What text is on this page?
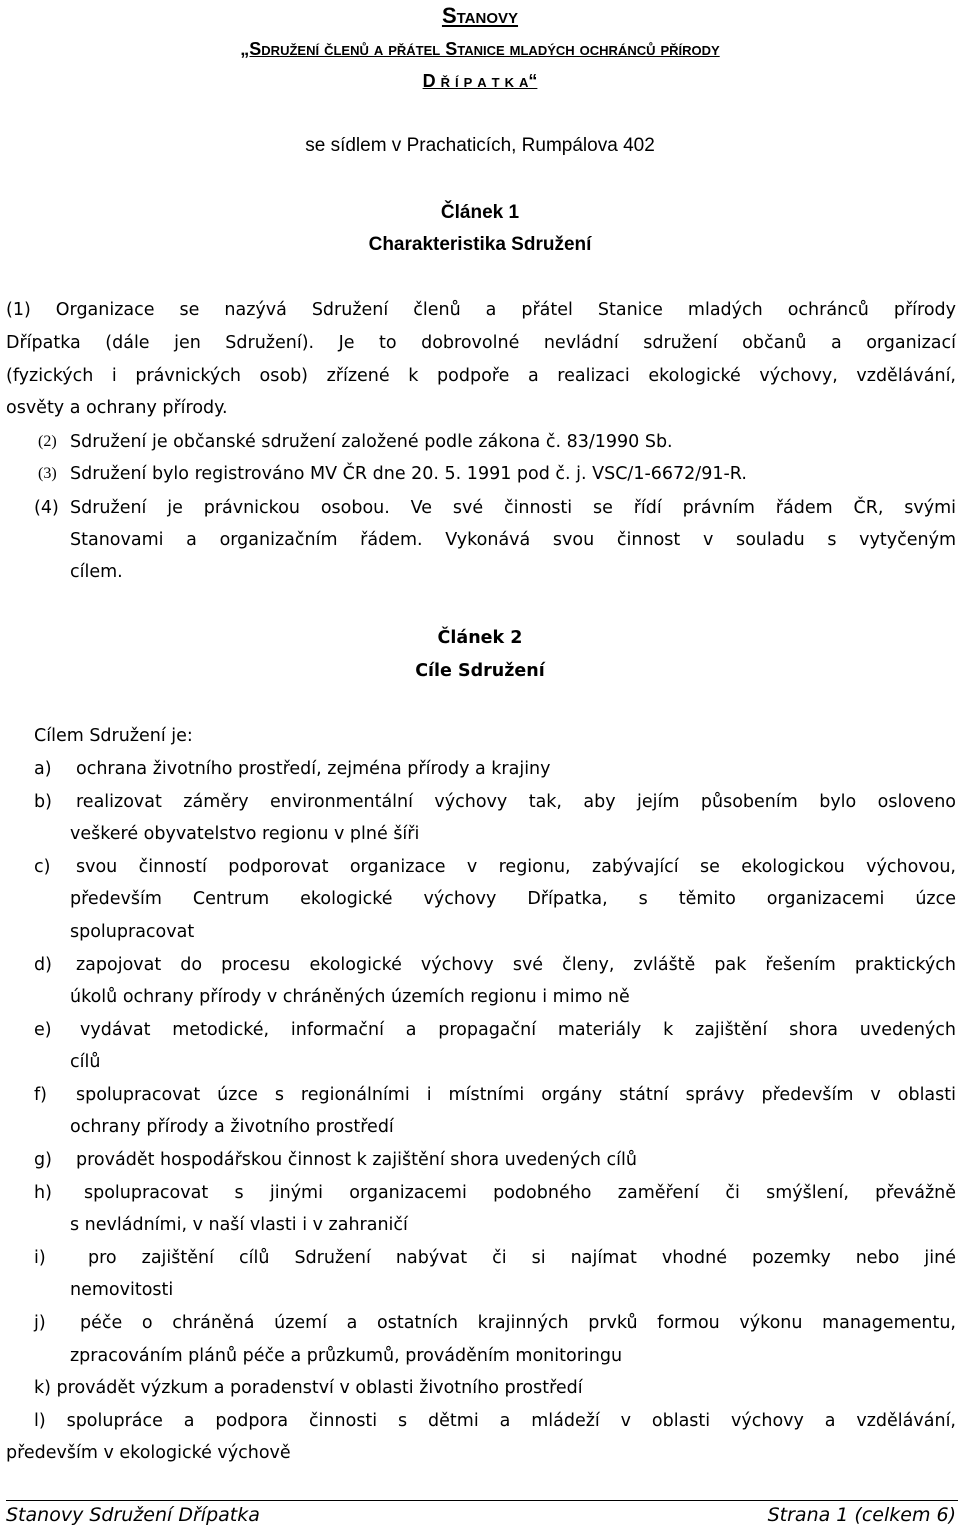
Stanovy
„Sdružení členů a přátel Stanice mladých ochránců přírody
D ř í p a t k a“
se sídlem v Prachaticích, Rumpálova 402
Článek 1
Charakteristika Sdružení
(1) Organizace se nazývá Sdružení členů a přátel Stanice mladých ochránců přírody
Dřípatka (dále jen Sdružení). Je to dobrovolné nevládní sdružení občanů a organizací
(fyzických i právnických osob) zřízené k podpoře a realizaci ekologické výchovy, vzdělávání,
osvěty a ochrany přírody.
(2) Sdružení je občanské sdružení založené podle zákona č. 83/1990 Sb.
(3) Sdružení bylo registrováno MV ČR dne 20. 5. 1991 pod č. j. VSC/1-6672/91-R.
(4) Sdružení je právnickou osobou. Ve své činnosti se řídí právním řádem ČR, svými
Stanovami a organizačním řádem. Vykonává svou činnost v souladu s vytyčeným
cílem.
Článek 2
Cíle Sdružení
Cílem Sdružení je:
a) ochrana životního prostředí, zejména přírody a krajiny
b) realizovat záměry environmentální výchovy tak, aby jejím působením bylo osloveno
veškeré obyvatelstvo regionu v plné šíři
c) svou činností podporovat organizace v regionu, zabývající se ekologickou výchovou,
především Centrum ekologické výchovy Dřípatka, s těmito organizacemi úzce
spolupracovat
d) zapojovat do procesu ekologické výchovy své členy, zvláště pak řešením praktických
úkolů ochrany přírody v chráněných územích regionu i mimo ně
e) vydávat metodické, informační a propagační materiály k zajištění shora uvedených
cílů
f) spolupracovat úzce s regionálními i místními orgány státní správy především v oblasti
ochrany přírody a životního prostředí
g) provádět hospodářskou činnost k zajištění shora uvedených cílů
h) spolupracovat s jinými organizacemi podobného zaměření či smýšlení, převážně
s nevládními, v naší vlasti i v zahraničí
i) pro zajištění cílů Sdružení nabývat či si najímat vhodné pozemky nebo jiné
nemovitosti
j) péče o chráněná území a ostatních krajinných prvků formou výkonu managementu,
zpracováním plánů péče a průzkumů, prováděním monitoringu
k) provádět výzkum a poradenství v oblasti životního prostředí
l) spolupráce a podpora činnosti s dětmi a mládeží v oblasti výchovy a vzdělávání,
především v ekologické výchově
Stanovy Sdružení Dřípatka	Strana 1 (celkem 6)
